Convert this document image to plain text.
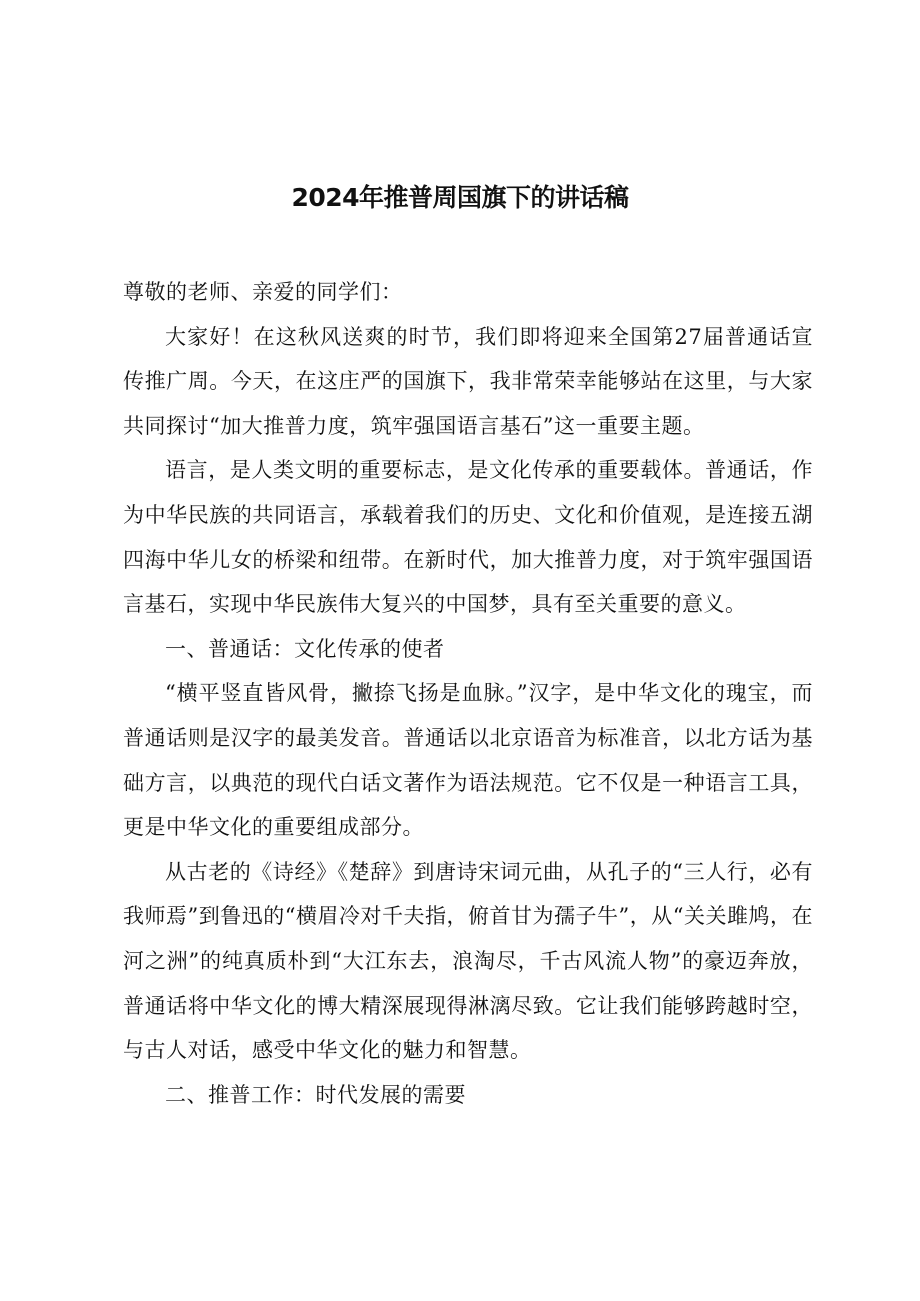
2024年推普周国旗下的讲话稿

尊敬的老师、亲爱的同学们：

大家好！在这秋风送爽的时节，我们即将迎来全国第27届普通话宣传推广周。今天，在这庄严的国旗下，我非常荣幸能够站在这里，与大家共同探讨“加大推普力度，筑牢强国语言基石”这一重要主题。

语言，是人类文明的重要标志，是文化传承的重要载体。普通话，作为中华民族的共同语言，承载着我们的历史、文化和价值观，是连接五湖四海中华儿女的桥梁和纽带。在新时代，加大推普力度，对于筑牢强国语言基石，实现中华民族伟大复兴的中国梦，具有至关重要的意义。

一、普通话：文化传承的使者

“横平竖直皆风骨，撇捺飞扬是血脉。”汉字，是中华文化的瑰宝，而普通话则是汉字的最美发音。普通话以北京语音为标准音，以北方话为基础方言，以典范的现代白话文著作为语法规范。它不仅是一种语言工具，更是中华文化的重要组成部分。

从古老的《诗经》《楚辞》到唐诗宋词元曲，从孔子的“三人行，必有我师焉”到鲁迅的“横眉冷对千夫指，俯首甘为孺子牛”，从“关关雎鸠，在河之洲”的纯真质朴到“大江东去，浪淘尽，千古风流人物”的豪迈奔放，普通话将中华文化的博大精深展现得淋漓尽致。它让我们能够跨越时空，与古人对话，感受中华文化的魅力和智慧。

二、推普工作：时代发展的需要
